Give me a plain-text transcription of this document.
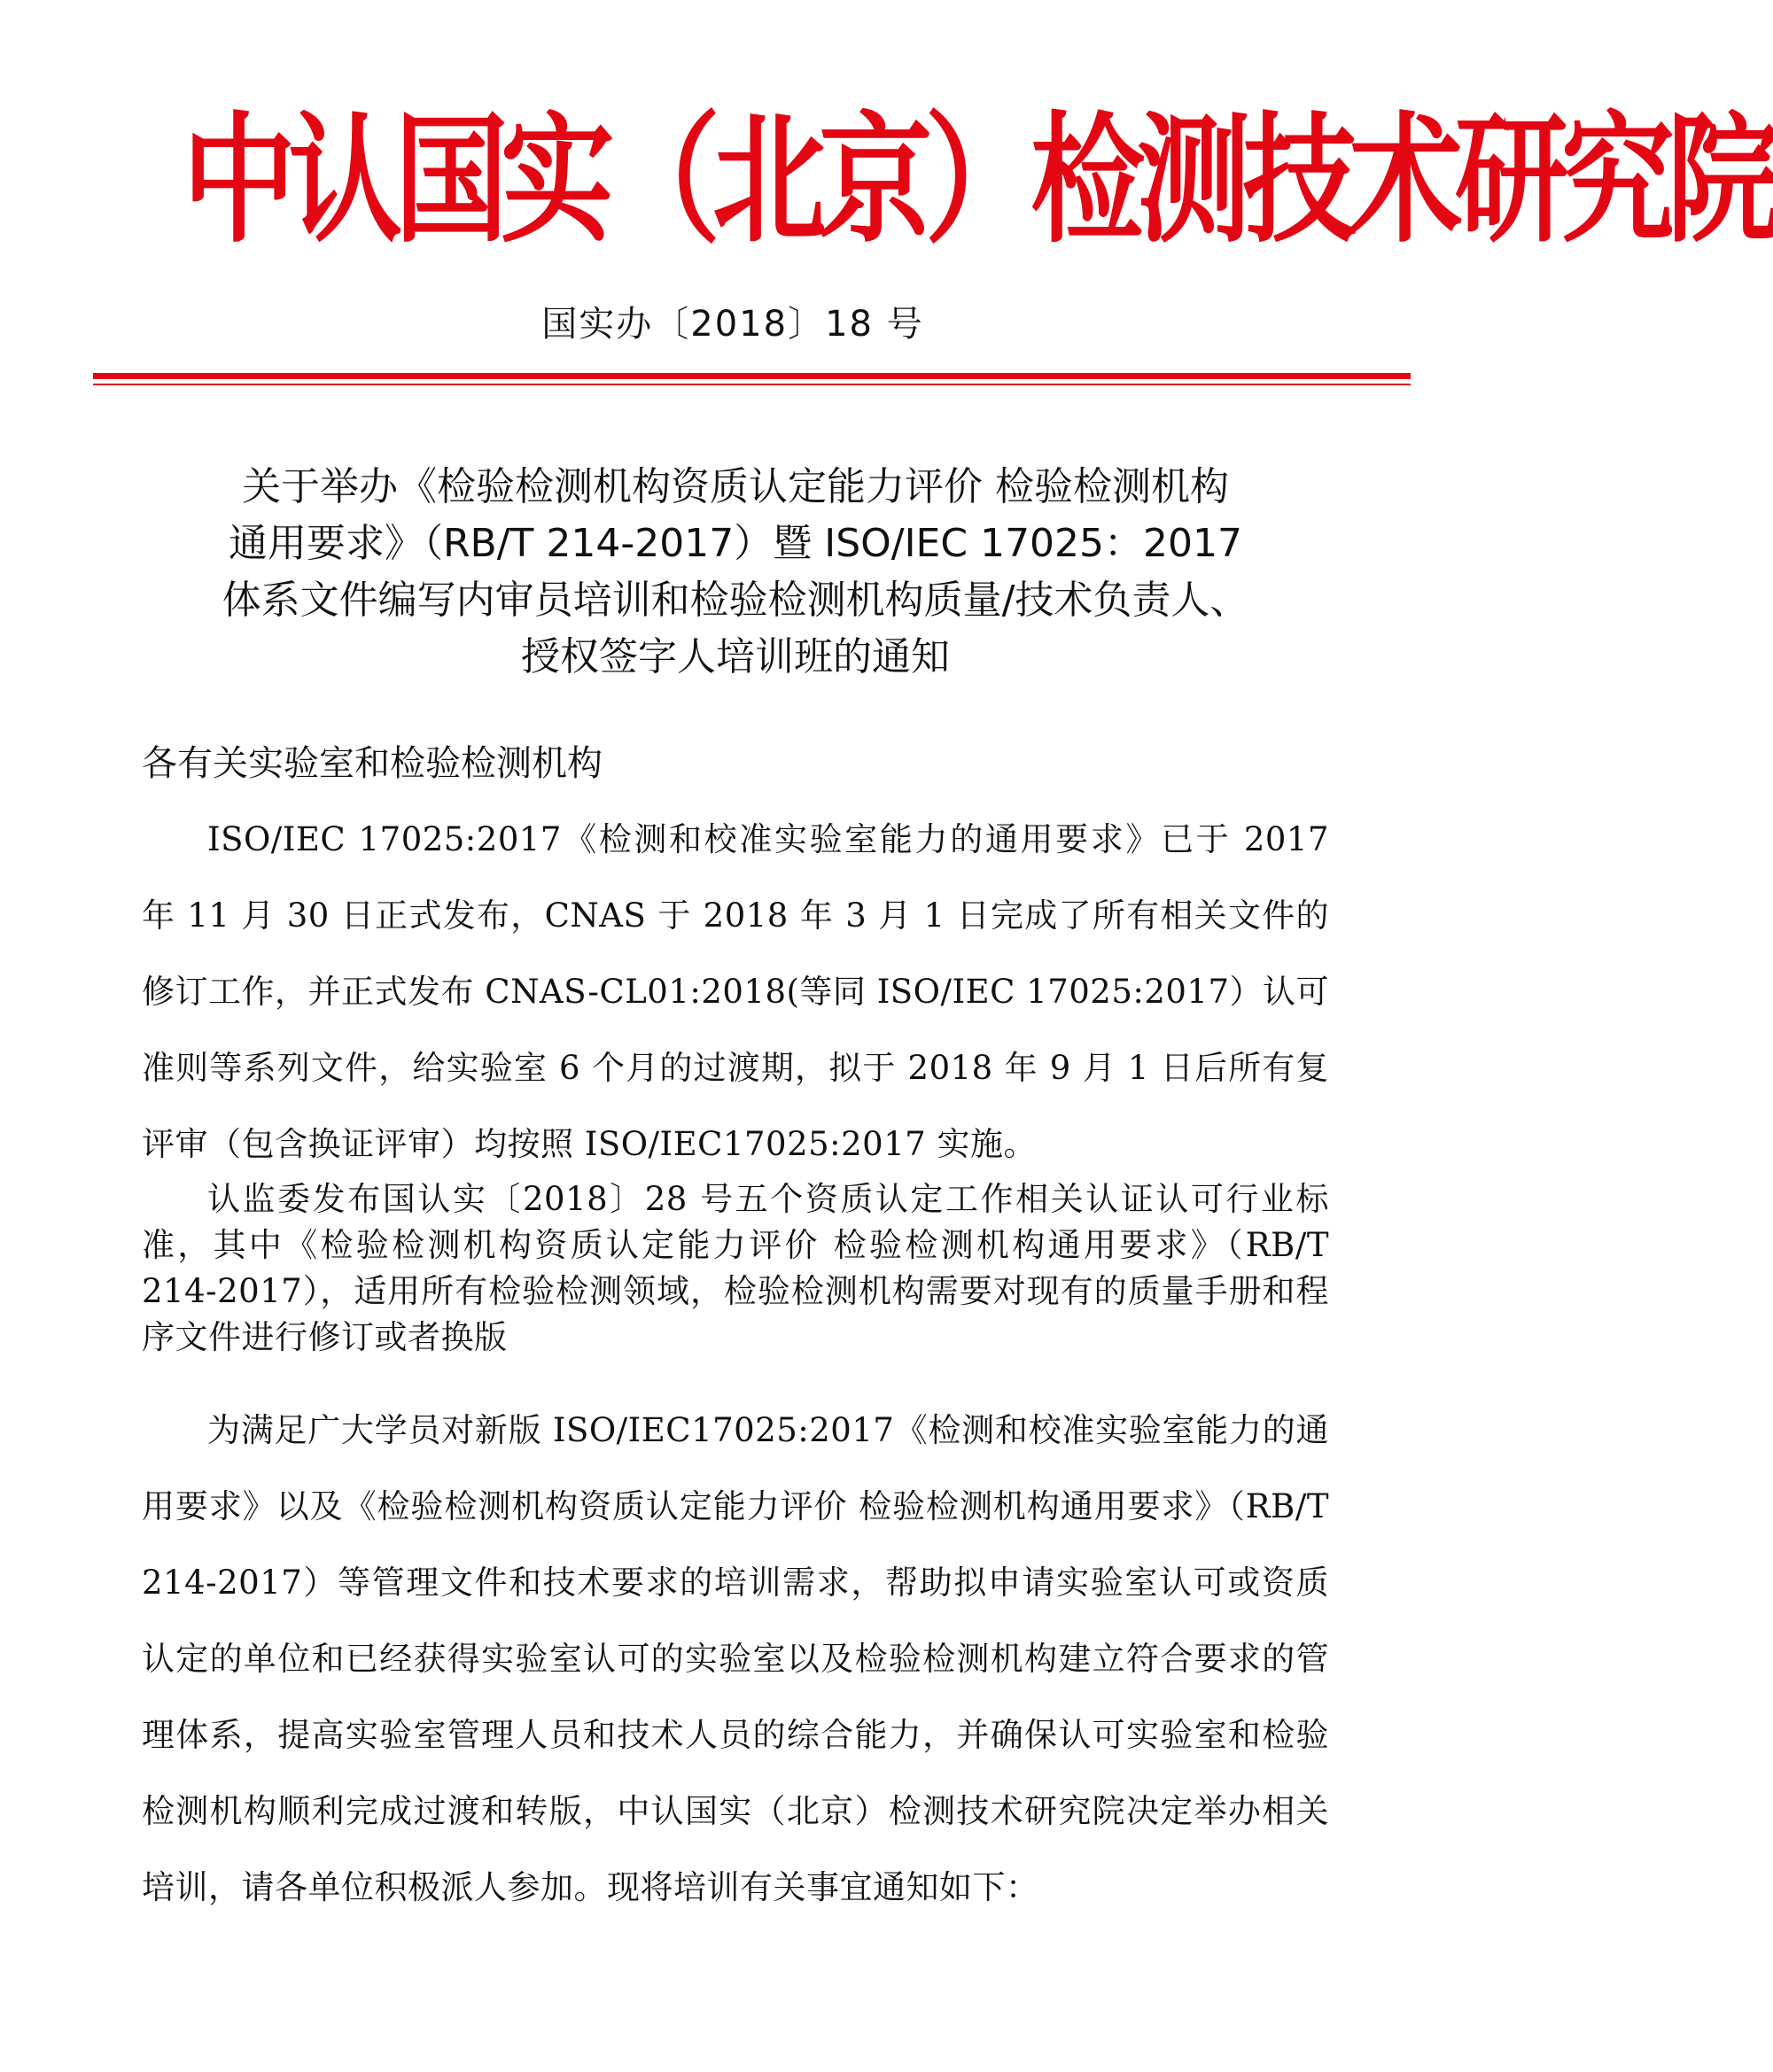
中认国实（北京）检测技术研究院
国实办〔2018〕18 号
关于举办《检验检测机构资质认定能力评价 检验检测机构
通用要求》（RB/T 214-2017）暨 ISO/IEC 17025：2017
体系文件编写内审员培训和检验检测机构质量/技术负责人、
授权签字人培训班的通知
各有关实验室和检验检测机构

ISO/IEC 17025:2017《检测和校准实验室能力的通用要求》已于 2017 年 11 月 30 日正式发布，CNAS 于 2018 年 3 月 1 日完成了所有相关文件的修订工作，并正式发布 CNAS-CL01:2018(等同 ISO/IEC 17025:2017）认可准则等系列文件，给实验室 6 个月的过渡期，拟于 2018 年 9 月 1 日后所有复评审（包含换证评审）均按照 ISO/IEC17025:2017 实施。

认监委发布国认实〔2018〕28 号五个资质认定工作相关认证认可行业标准，其中《检验检测机构资质认定能力评价 检验检测机构通用要求》（RB/T 214-2017），适用所有检验检测领域，检验检测机构需要对现有的质量手册和程序文件进行修订或者换版

为满足广大学员对新版 ISO/IEC17025:2017《检测和校准实验室能力的通用要求》以及《检验检测机构资质认定能力评价 检验检测机构通用要求》（RB/T 214-2017）等管理文件和技术要求的培训需求，帮助拟申请实验室认可或资质认定的单位和已经获得实验室认可的实验室以及检验检测机构建立符合要求的管理体系，提高实验室管理人员和技术人员的综合能力，并确保认可实验室和检验检测机构顺利完成过渡和转版，中认国实（北京）检测技术研究院决定举办相关培训，请各单位积极派人参加。现将培训有关事宜通知如下：
